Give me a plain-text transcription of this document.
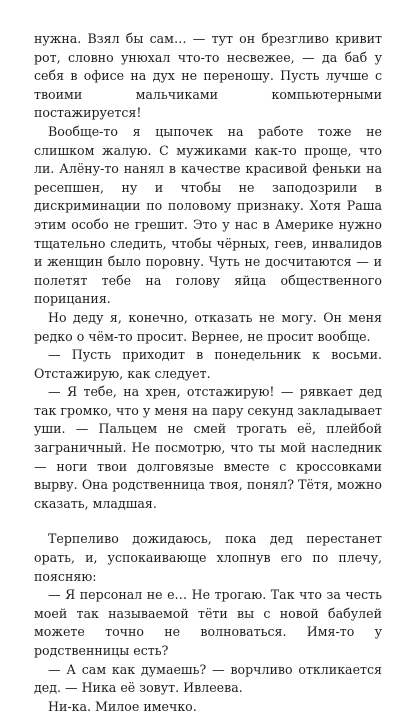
нужна. Взял бы сам… — тут он брезгливо кривит рот, словно унюхал что-то несвежее, — да баб у себя в офисе на дух не переношу. Пусть лучше с твоими мальчиками компьютерными постажируется!

Вообще-то я цыпочек на работе тоже не слишком жалую. С мужиками как-то проще, что ли. Алёну-то нанял в качестве красивой феньки на ресепшен, ну и чтобы не заподозрили в дискриминации по половому признаку. Хотя Раша этим особо не грешит. Это у нас в Америке нужно тщательно следить, чтобы чёрных, геев, инвалидов и женщин было поровну. Чуть не досчитаются — и полетят тебе на голову яйца общественного порицания.

Но деду я, конечно, отказать не могу. Он меня редко о чём-то просит. Вернее, не просит вообще.

— Пусть приходит в понедельник к восьми. Отстажирую, как следует.

— Я тебе, на хрен, отстажирую! — рявкает дед так громко, что у меня на пару секунд закладывает уши. — Пальцем не смей трогать её, плейбой заграничный. Не посмотрю, что ты мой наследник — ноги твои долговязые вместе с кроссовками вырву. Она родственница твоя, понял? Тётя, можно сказать, младшая.

Терпеливо дожидаюсь, пока дед перестанет орать, и, успокаивающе хлопнув его по плечу, поясняю:

— Я персонал не е… Не трогаю. Так что за честь моей так называемой тёти вы с новой бабулей можете точно не волноваться. Имя-то у родственницы есть?

— А сам как думаешь? — ворчливо откликается дед. — Ника её зовут. Ивлеева.

Ни-ка. Милое имечко.
